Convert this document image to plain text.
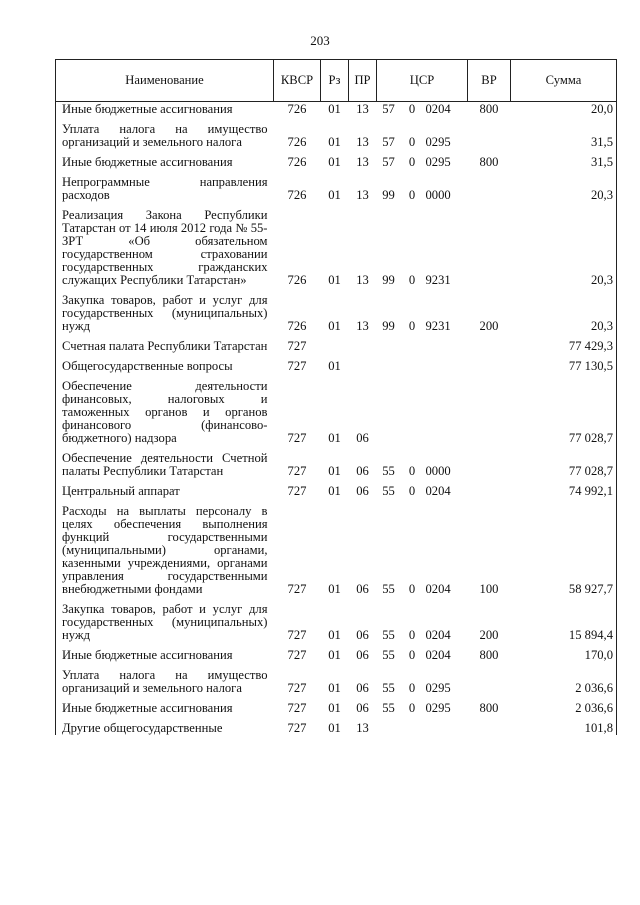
203
Наименование	КВСР	Рз	ПР	ЦСР			ВР	Сумма
Иные бюджетные ассигнования	726	01	13	57	0	0204	800	20,0
Уплата налога на имущество организаций и земельного налога	726	01	13	57	0	0295		31,5
Иные бюджетные ассигнования	726	01	13	57	0	0295	800	31,5
Непрограммные направления расходов	726	01	13	99	0	0000		20,3
Реализация Закона Республики Татарстан от 14 июля 2012 года № 55-ЗРТ «Об обязательном государственном страховании государственных гражданских служащих Республики Татарстан»	726	01	13	99	0	9231		20,3
Закупка товаров, работ и услуг для государственных (муниципальных) нужд	726	01	13	99	0	9231	200	20,3
Счетная палата Республики Татарстан	727							77 429,3
Общегосударственные вопросы	727	01						77 130,5
Обеспечение деятельности финансовых, налоговых и таможенных органов и органов финансового (финансово-бюджетного) надзора	727	01	06					77 028,7
Обеспечение деятельности Счетной палаты Республики Татарстан	727	01	06	55	0	0000		77 028,7
Центральный аппарат	727	01	06	55	0	0204		74 992,1
Расходы на выплаты персоналу в целях обеспечения выполнения функций государственными (муниципальными) органами, казенными учреждениями, органами управления государственными внебюджетными фондами	727	01	06	55	0	0204	100	58 927,7
Закупка товаров, работ и услуг для государственных (муниципальных) нужд	727	01	06	55	0	0204	200	15 894,4
Иные бюджетные ассигнования	727	01	06	55	0	0204	800	170,0
Уплата налога на имущество организаций и земельного налога	727	01	06	55	0	0295		2 036,6
Иные бюджетные ассигнования	727	01	06	55	0	0295	800	2 036,6
Другие общегосударственные	727	01	13					101,8
